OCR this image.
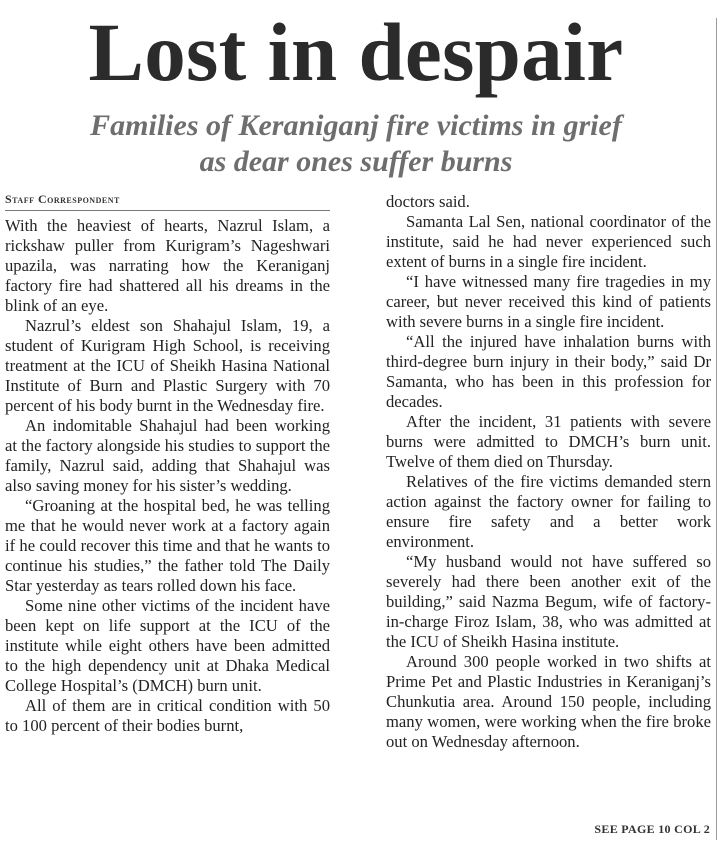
Lost in despair
Families of Keraniganj fire victims in grief
as dear ones suffer burns
Staff Correspondent

With the heaviest of hearts, Nazrul Islam, a rickshaw puller from Kurigram’s Nageshwari upazila, was narrating how the Keraniganj factory fire had shattered all his dreams in the blink of an eye.

Nazrul’s eldest son Shahajul Islam, 19, a student of Kurigram High School, is receiving treatment at the ICU of Sheikh Hasina National Institute of Burn and Plastic Surgery with 70 percent of his body burnt in the Wednesday fire.

An indomitable Shahajul had been working at the factory alongside his studies to support the family, Nazrul said, adding that Shahajul was also saving money for his sister’s wedding.

“Groaning at the hospital bed, he was telling me that he would never work at a factory again if he could recover this time and that he wants to continue his studies,” the father told The Daily Star yesterday as tears rolled down his face.

Some nine other victims of the incident have been kept on life support at the ICU of the institute while eight others have been admitted to the high dependency unit at Dhaka Medical College Hospital’s (DMCH) burn unit.

All of them are in critical condition with 50 to 100 percent of their bodies burnt,

doctors said.

Samanta Lal Sen, national coordinator of the institute, said he had never experienced such extent of burns in a single fire incident.

“I have witnessed many fire tragedies in my career, but never received this kind of patients with severe burns in a single fire incident.

“All the injured have inhalation burns with third-degree burn injury in their body,” said Dr Samanta, who has been in this profession for decades.

After the incident, 31 patients with severe burns were admitted to DMCH’s burn unit. Twelve of them died on Thursday.

Relatives of the fire victims demanded stern action against the factory owner for failing to ensure fire safety and a better work environment.

“My husband would not have suffered so severely had there been another exit of the building,” said Nazma Begum, wife of factory-in-charge Firoz Islam, 38, who was admitted at the ICU of Sheikh Hasina institute.

Around 300 people worked in two shifts at Prime Pet and Plastic Industries in Keraniganj’s Chunkutia area. Around 150 people, including many women, were working when the fire broke out on Wednesday afternoon.

SEE PAGE 10 COL 2
